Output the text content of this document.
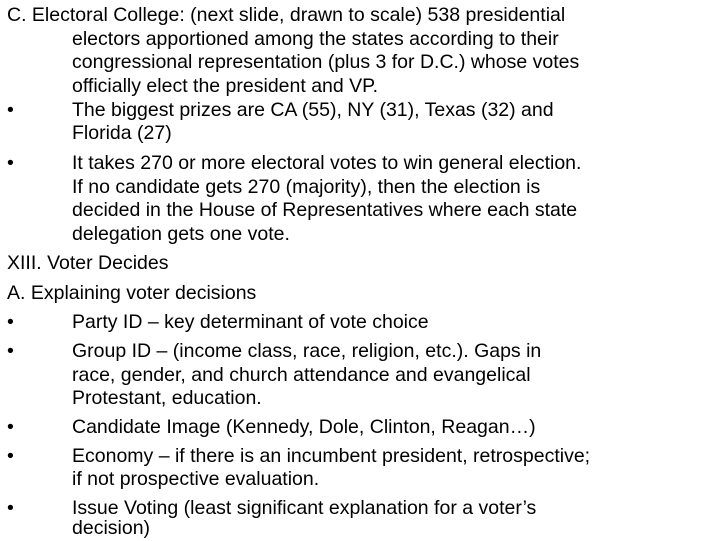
C. Electoral College: (next slide, drawn to scale) 538 presidential
electors apportioned among the states according to their
congressional representation (plus 3 for D.C.) whose votes
officially elect the president and VP.
•	The biggest prizes are CA (55), NY (31), Texas (32) and
Florida (27)
•	It takes 270 or more electoral votes to win general election.
If no candidate gets 270 (majority), then the election is
decided in the House of Representatives where each state
delegation gets one vote.
XIII. Voter Decides
A. Explaining voter decisions
•	Party ID – key determinant of vote choice
•	Group ID – (income class, race, religion, etc.). Gaps in
race, gender, and church attendance and evangelical
Protestant, education.
•	Candidate Image (Kennedy, Dole, Clinton, Reagan…)
•	Economy – if there is an incumbent president, retrospective;
if not prospective evaluation.
•	Issue Voting (least significant explanation for a voter’s
decision)
